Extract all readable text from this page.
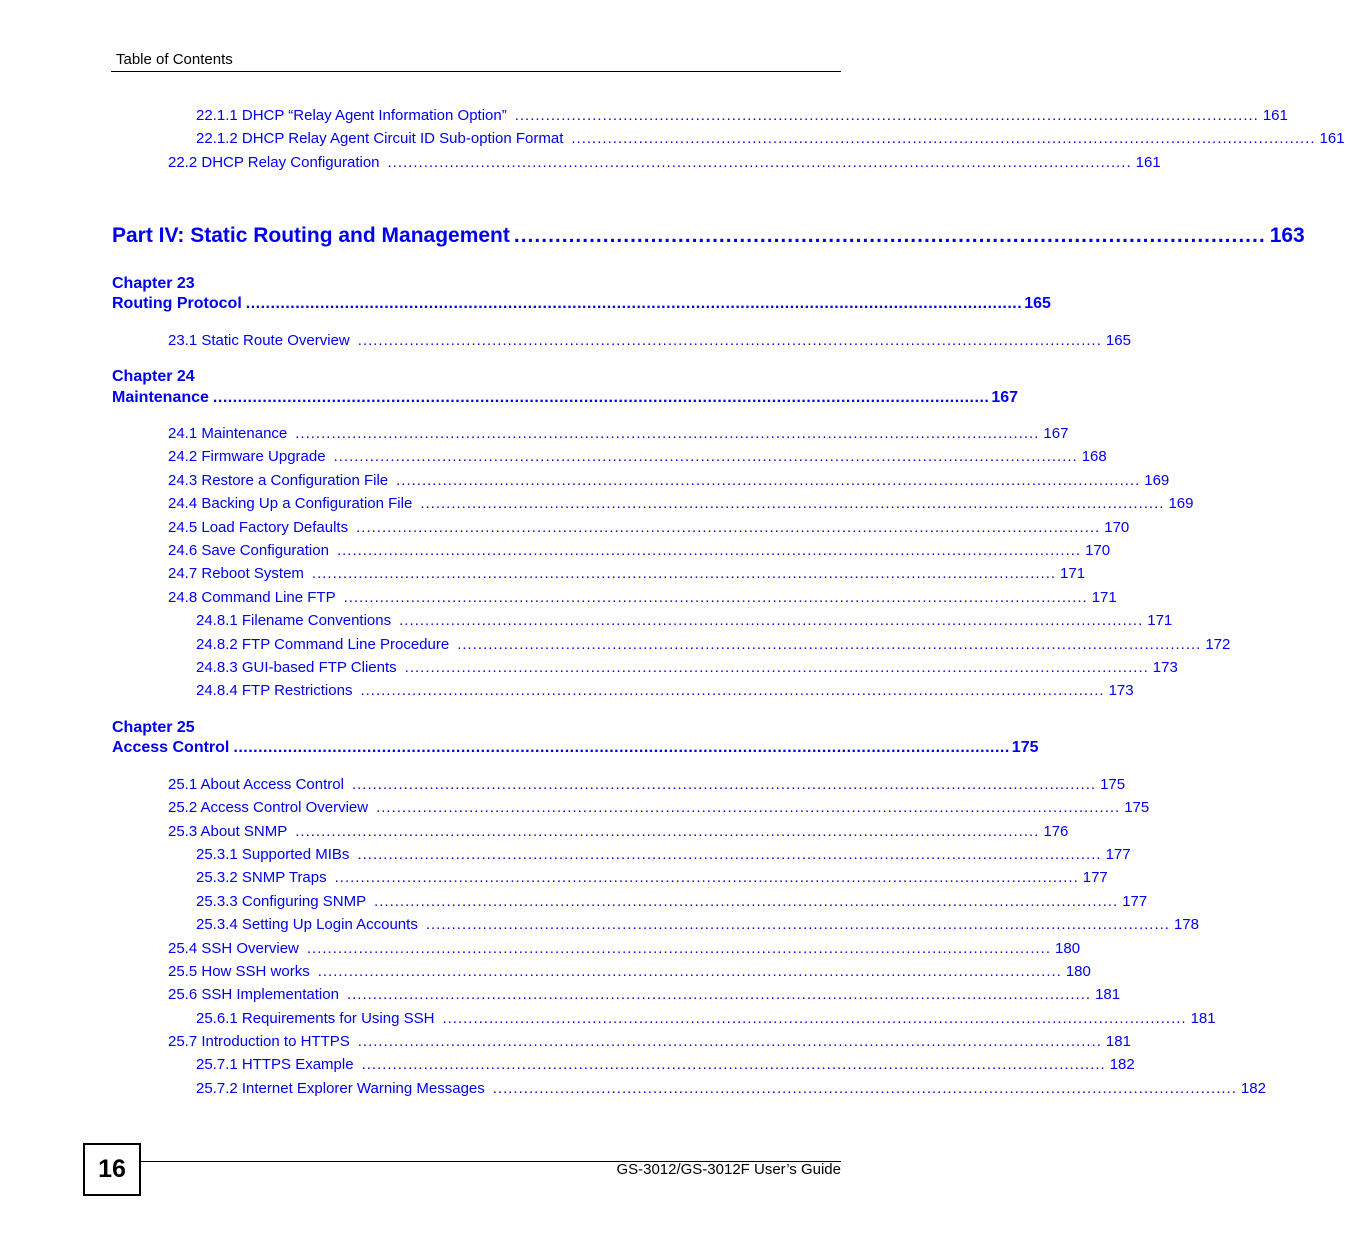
Table of Contents
22.1.1 DHCP “Relay Agent Information Option” ................................................................................................................................................ 161
22.1.2 DHCP Relay Agent Circuit ID Sub-option Format ................................................................................................................................................ 161
22.2 DHCP Relay Configuration ................................................................................................................................................ 161
Part IV: Static Routing and Management .............................................................................................................. 163
Chapter 23
Routing Protocol ............................................................................................................................................................. 165
23.1 Static Route Overview ................................................................................................................................................ 165
Chapter 24
Maintenance ............................................................................................................................................................. 167
24.1 Maintenance ................................................................................................................................................ 167
24.2 Firmware Upgrade ................................................................................................................................................ 168
24.3 Restore a Configuration File ................................................................................................................................................ 169
24.4 Backing Up a Configuration File ................................................................................................................................................ 169
24.5 Load Factory Defaults ................................................................................................................................................ 170
24.6 Save Configuration ................................................................................................................................................ 170
24.7 Reboot System ................................................................................................................................................ 171
24.8 Command Line FTP ................................................................................................................................................ 171
24.8.1 Filename Conventions ................................................................................................................................................ 171
24.8.2 FTP Command Line Procedure ................................................................................................................................................ 172
24.8.3 GUI-based FTP Clients ................................................................................................................................................ 173
24.8.4 FTP Restrictions ................................................................................................................................................ 173
Chapter 25
Access Control ............................................................................................................................................................. 175
25.1 About Access Control ................................................................................................................................................ 175
25.2 Access Control Overview ................................................................................................................................................ 175
25.3 About SNMP ................................................................................................................................................ 176
25.3.1 Supported MIBs ................................................................................................................................................ 177
25.3.2 SNMP Traps ................................................................................................................................................ 177
25.3.3 Configuring SNMP ................................................................................................................................................ 177
25.3.4 Setting Up Login Accounts ................................................................................................................................................ 178
25.4 SSH Overview ................................................................................................................................................ 180
25.5 How SSH works ................................................................................................................................................ 180
25.6 SSH Implementation ................................................................................................................................................ 181
25.6.1 Requirements for Using SSH ................................................................................................................................................ 181
25.7 Introduction to HTTPS ................................................................................................................................................ 181
25.7.1 HTTPS Example ................................................................................................................................................ 182
25.7.2 Internet Explorer Warning Messages ................................................................................................................................................ 182
16	GS-3012/GS-3012F User’s Guide
